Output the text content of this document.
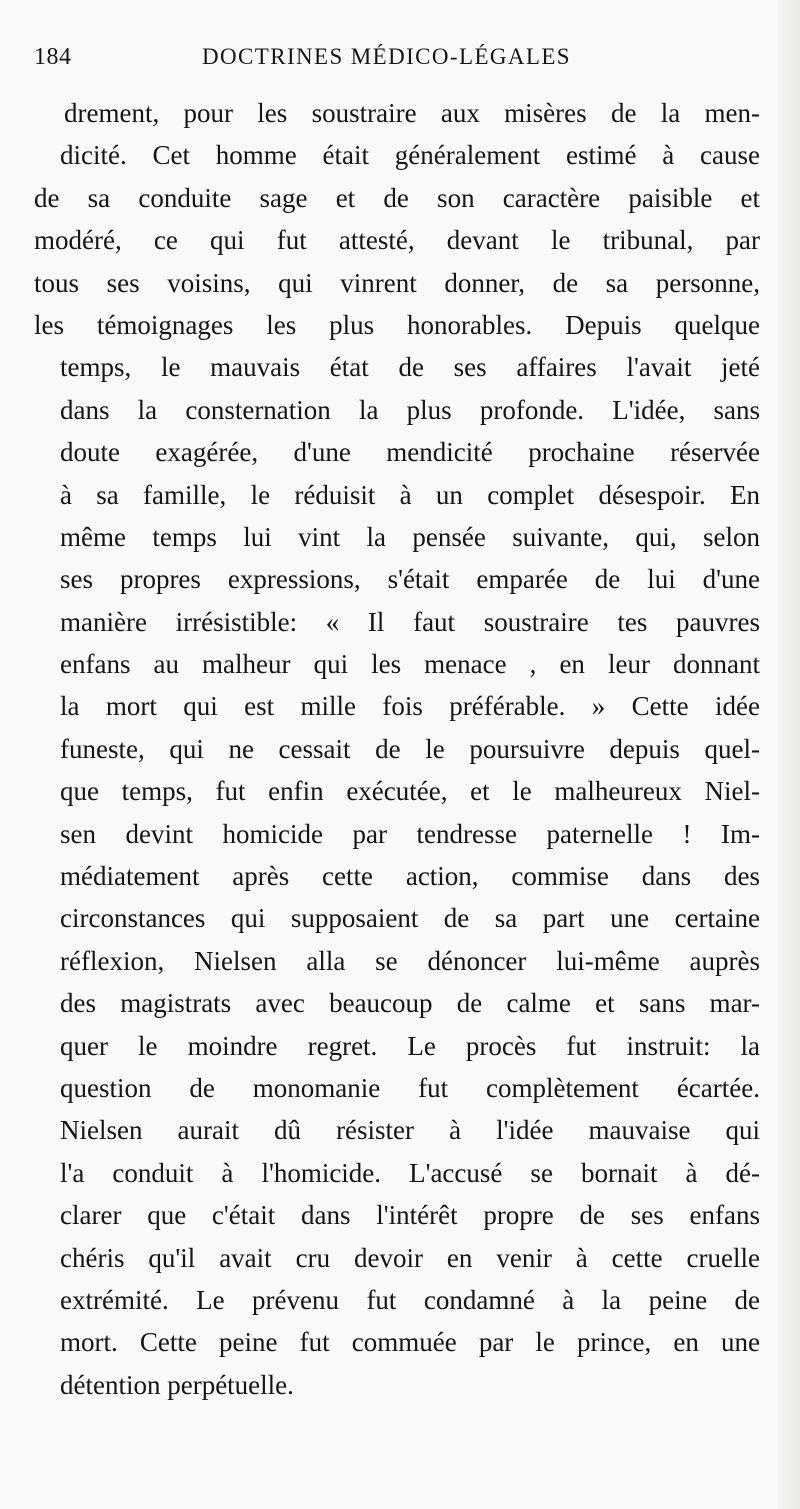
184	DOCTRINES MÉDICO-LÉGALES
drement, pour les soustraire aux misères de la men-
dicité. Cet homme était généralement estimé à cause
de sa conduite sage et de son caractère paisible et
modéré, ce qui fut attesté, devant le tribunal, par
tous ses voisins, qui vinrent donner, de sa personne,
les témoignages les plus honorables. Depuis quelque
temps, le mauvais état de ses affaires l'avait jeté
dans la consternation la plus profonde. L'idée, sans
doute exagérée, d'une mendicité prochaine réservée
à sa famille, le réduisit à un complet désespoir. En
même temps lui vint la pensée suivante, qui, selon
ses propres expressions, s'était emparée de lui d'une
manière irrésistible: « Il faut soustraire tes pauvres
enfans au malheur qui les menace , en leur donnant
la mort qui est mille fois préférable. » Cette idée
funeste, qui ne cessait de le poursuivre depuis quel-
que temps, fut enfin exécutée, et le malheureux Niel-
sen devint homicide par tendresse paternelle ! Im-
médiatement après cette action, commise dans des
circonstances qui supposaient de sa part une certaine
réflexion, Nielsen alla se dénoncer lui-même auprès
des magistrats avec beaucoup de calme et sans mar-
quer le moindre regret. Le procès fut instruit: la
question de monomanie fut complètement écartée.
Nielsen aurait dû résister à l'idée mauvaise qui
l'a conduit à l'homicide. L'accusé se bornait à dé-
clarer que c'était dans l'intérêt propre de ses enfans
chéris qu'il avait cru devoir en venir à cette cruelle
extrémité. Le prévenu fut condamné à la peine de
mort. Cette peine fut commuée par le prince, en une
détention perpétuelle.
